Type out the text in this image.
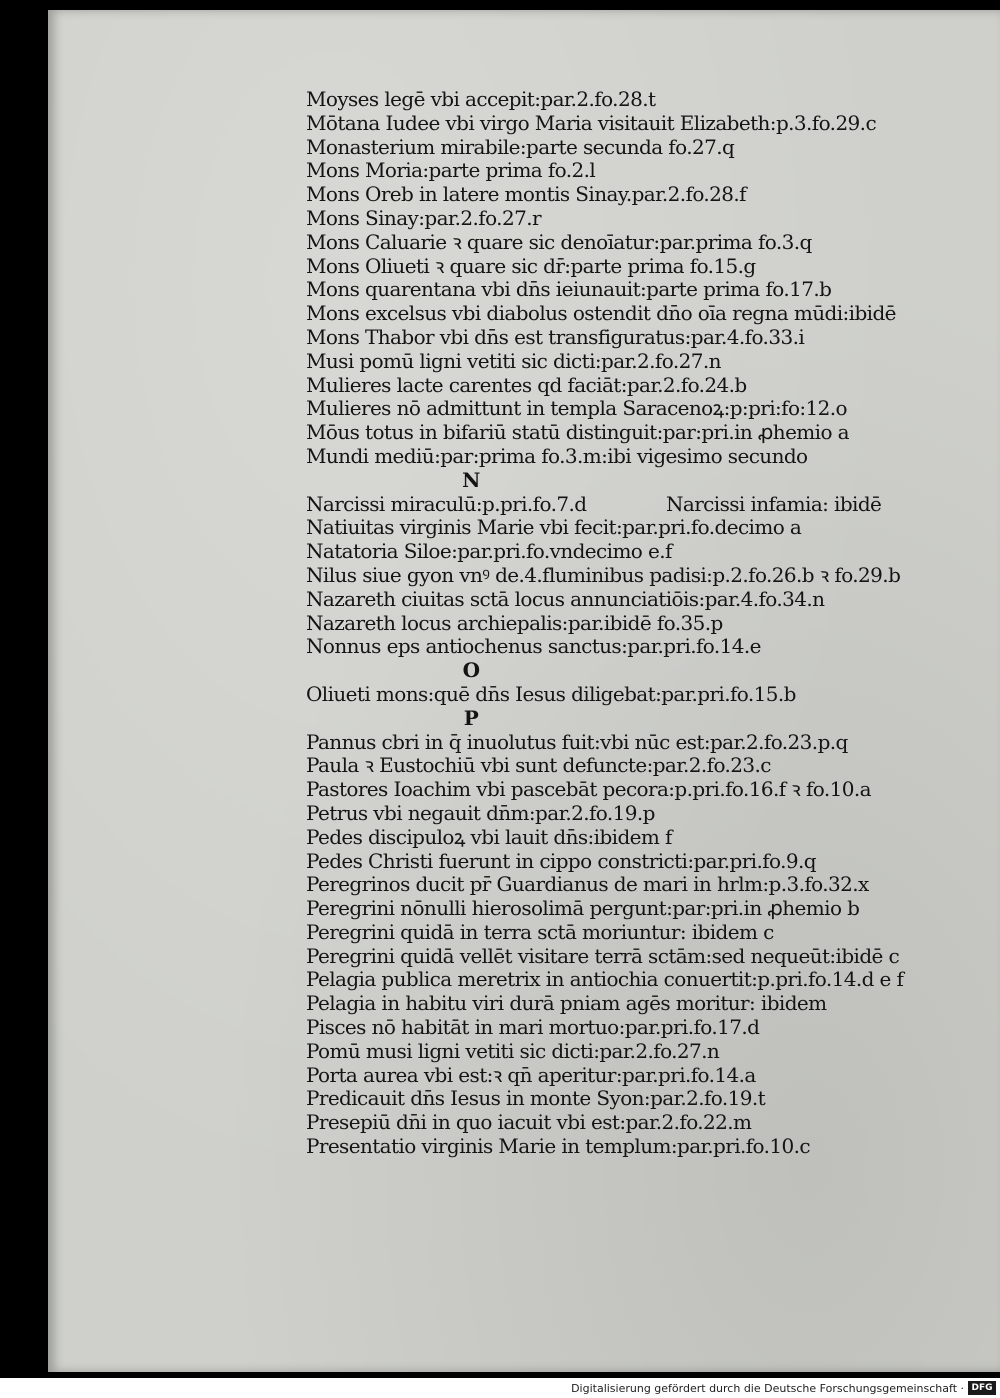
Moyses legē vbi accepit:par.2.fo.28.t
Mōtana Iudee vbi virgo Maria visitauit Elizabeth:p.3.fo.29.c
Monasterium mirabile:parte secunda fo.27.q
Mons Moria:parte prima fo.2.l
Mons Oreb in latere montis Sinay.par.2.fo.28.f
Mons Sinay:par.2.fo.27.r
Mons Caluarie ꝛ quare sic denoīatur:par.prima fo.3.q
Mons Oliueti ꝛ quare sic dr̄:parte prima fo.15.g
Mons quarentana vbi dn̄s ieiunauit:parte prima fo.17.b
Mons excelsus vbi diabolus ostendit dn̄o oīa regna mūdi:ibidē
Mons Thabor vbi dn̄s est transfiguratus:par.4.fo.33.i
Musi pomū ligni vetiti sic dicti:par.2.fo.27.n
Mulieres lacte carentes qd faciāt:par.2.fo.24.b
Mulieres nō admittunt in templa Saracenoꝝ:p:pri:fo:12.o
Mōus totus in bifariū statū distinguit:par:pri.in ꝓhemio a
Mundi mediū:par:prima fo.3.m:ibi vigesimo secundo
N
Narcissi miraculū:p.pri.fo.7.d	Narcissi infamia: ibidē
Natiuitas virginis Marie vbi fecit:par.pri.fo.decimo a
Natatoria Siloe:par.pri.fo.vndecimo e.f
Nilus siue gyon vnꝰ de.4.fluminibus padisi:p.2.fo.26.b ꝛ fo.29.b
Nazareth ciuitas sctā locus annunciatiōis:par.4.fo.34.n
Nazareth locus archiepalis:par.ibidē fo.35.p
Nonnus eps antiochenus sanctus:par.pri.fo.14.e
O
Oliueti mons:quē dn̄s Iesus diligebat:par.pri.fo.15.b
P
Pannus cbri in q̄ inuolutus fuit:vbi nūc est:par.2.fo.23.p.q
Paula ꝛ Eustochiū vbi sunt defuncte:par.2.fo.23.c
Pastores Ioachim vbi pascebāt pecora:p.pri.fo.16.f ꝛ fo.10.a
Petrus vbi negauit dn̄m:par.2.fo.19.p
Pedes discipuloꝝ vbi lauit dn̄s:ibidem f
Pedes Christi fuerunt in cippo constricti:par.pri.fo.9.q
Peregrinos ducit pr̄ Guardianus de mari in hrlm:p.3.fo.32.x
Peregrini nōnulli hierosolimā pergunt:par:pri.in ꝓhemio b
Peregrini quidā in terra sctā moriuntur: ibidem c
Peregrini quidā vellēt visitare terrā sctām:sed nequeūt:ibidē c
Pelagia publica meretrix in antiochia conuertit:p.pri.fo.14.d e f
Pelagia in habitu viri durā pniam agēs moritur: ibidem
Pisces nō habitāt in mari mortuo:par.pri.fo.17.d
Pomū musi ligni vetiti sic dicti:par.2.fo.27.n
Porta aurea vbi est:ꝛ qn̄ aperitur:par.pri.fo.14.a
Predicauit dn̄s Iesus in monte Syon:par.2.fo.19.t
Presepiū dn̄i in quo iacuit vbi est:par.2.fo.22.m
Presentatio virginis Marie in templum:par.pri.fo.10.c
Digitalisierung gefördert durch die Deutsche Forschungsgemeinschaft · DFG
